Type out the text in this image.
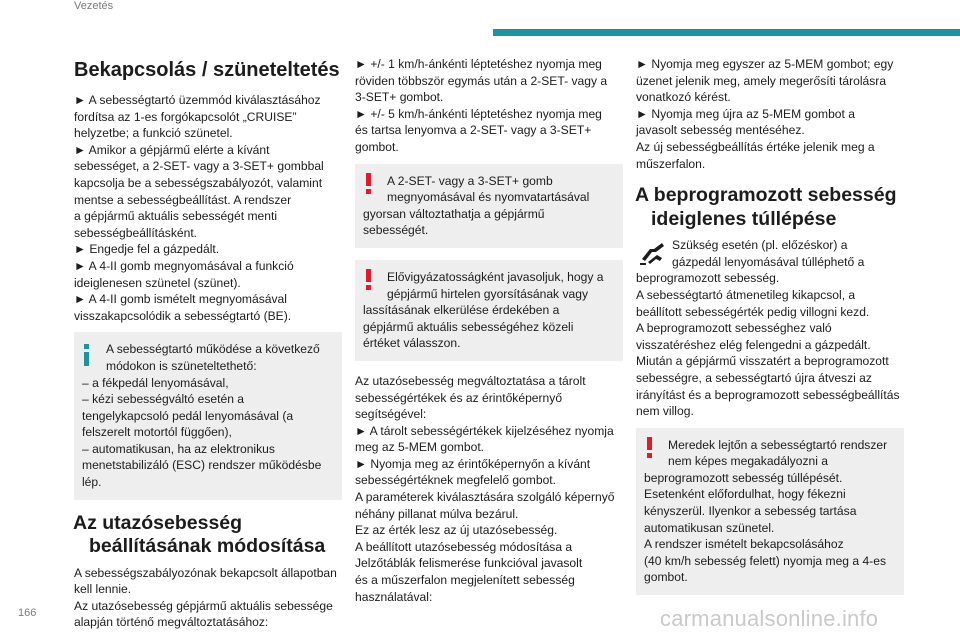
Vezetés
Bekapcsolás / szüneteltetés

► A sebességtartó üzemmód kiválasztásához

fordítsa az 1-es forgókapcsolót „CRUISE”

helyzetbe; a funkció szünetel.

► Amikor a gépjármű elérte a kívánt

sebességet, a 2-SET- vagy a 3-SET+ gombbal

kapcsolja be a sebességszabályozót, valamint

mentse a sebességbeállítást. A rendszer

a gépjármű aktuális sebességét menti

sebességbeállításként.

► Engedje fel a gázpedált.

► A 4-II gomb megnyomásával a funkció

ideiglenesen szünetel (szünet).

► A 4-II gomb ismételt megnyomásával

visszakapcsolódik a sebességtartó (BE).

A sebességtartó működése a következő

módokon is szüneteltethető:

– a fékpedál lenyomásával,

– kézi sebességváltó esetén a

tengelykapcsoló pedál lenyomásával (a

felszerelt motortól függően),

– automatikusan, ha az elektronikus

menetstabilizáló (ESC) rendszer működésbe

lép.

Az utazósebesség
beállításának módosítása

A sebességszabályozónak bekapcsolt állapotban

kell lennie.

Az utazósebesség gépjármű aktuális sebessége

alapján történő megváltoztatásához:

► +/- 1 km/h-ánkénti léptetéshez nyomja meg

röviden többször egymás után a 2-SET- vagy a

3-SET+ gombot.

► +/- 5 km/h-ánkénti léptetéshez nyomja meg

és tartsa lenyomva a 2-SET- vagy a 3-SET+

gombot.

A 2-SET- vagy a 3-SET+ gomb

megnyomásával és nyomvatartásával

gyorsan változtathatja a gépjármű

sebességét.

Elővigyázatosságként javasoljuk, hogy a

gépjármű hirtelen gyorsításának vagy

lassításának elkerülése érdekében a

gépjármű aktuális sebességéhez közeli

értéket válasszon.

Az utazósebesség megváltoztatása a tárolt

sebességértékek és az érintőképernyő

segítségével:

► A tárolt sebességértékek kijelzéséhez nyomja

meg az 5-MEM gombot.

► Nyomja meg az érintőképernyőn a kívánt

sebességértéknek megfelelő gombot.

A paraméterek kiválasztására szolgáló képernyő

néhány pillanat múlva bezárul.

Ez az érték lesz az új utazósebesség.

A beállított utazósebesség módosítása a

Jelzőtáblák felismerése funkcióval javasolt

és a műszerfalon megjelenített sebesség

használatával:

► Nyomja meg egyszer az 5-MEM gombot; egy

üzenet jelenik meg, amely megerősíti tárolásra

vonatkozó kérést.

► Nyomja meg újra az 5-MEM gombot a

javasolt sebesség mentéséhez.

Az új sebességbeállítás értéke jelenik meg a

műszerfalon.

A beprogramozott sebesség
ideiglenes túllépése

Szükség esetén (pl. előzéskor) a

gázpedál lenyomásával túlléphető a

beprogramozott sebesség.

A sebességtartó átmenetileg kikapcsol, a

beállított sebességérték pedig villogni kezd.

A beprogramozott sebességhez való

visszatéréshez elég felengedni a gázpedált.

Miután a gépjármű visszatért a beprogramozott

sebességre, a sebességtartó újra átveszi az

irányítást és a beprogramozott sebességbeállítás

nem villog.

Meredek lejtőn a sebességtartó rendszer

nem képes megakadályozni a

beprogramozott sebesség túllépését.

Esetenként előfordulhat, hogy fékezni

kényszerül. Ilyenkor a sebesség tartása

automatikusan szünetel.

A rendszer ismételt bekapcsolásához

(40 km/h sebesség felett) nyomja meg a 4-es

gombot.

166	carmanualsonline.info
